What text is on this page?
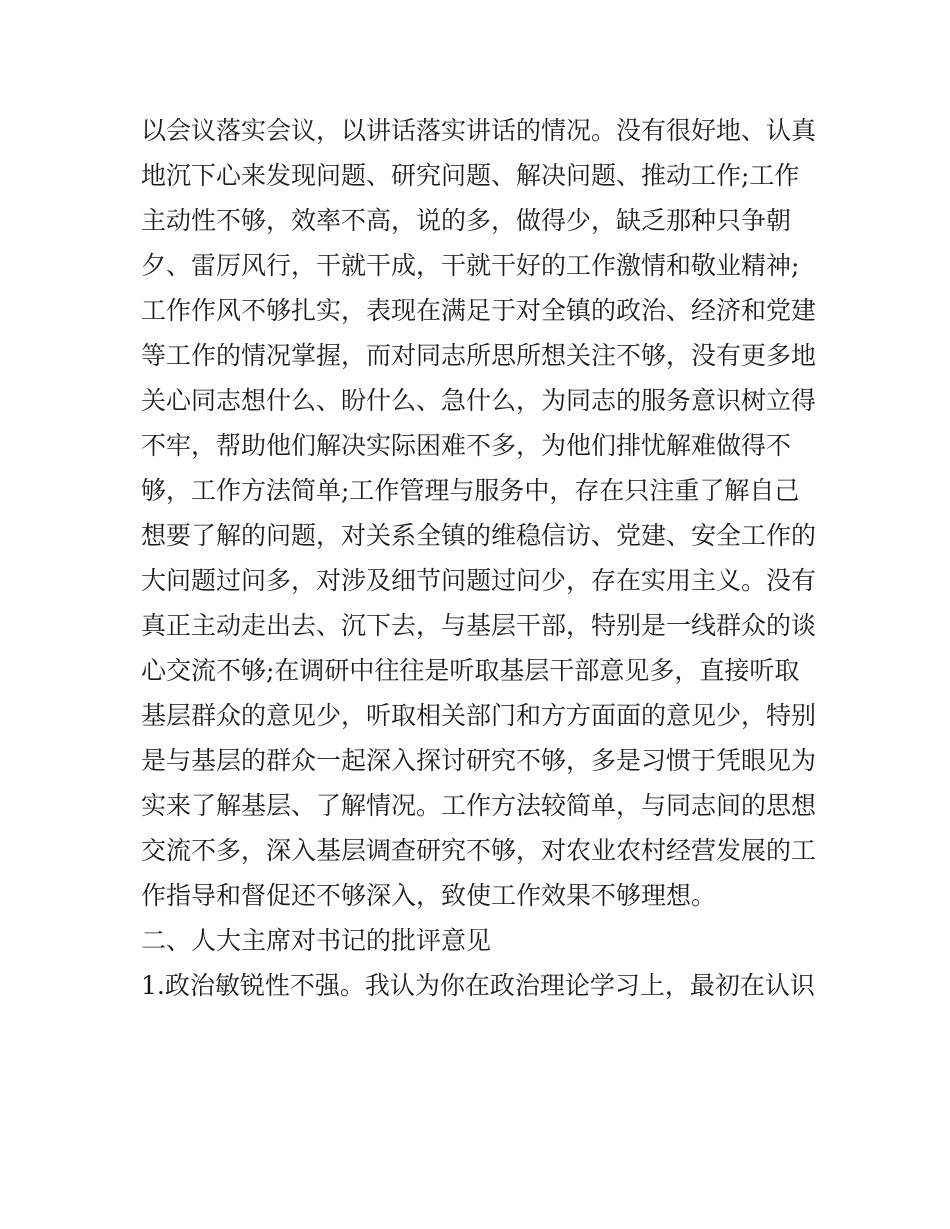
以会议落实会议，以讲话落实讲话的情况。没有很好地、认真
地沉下心来发现问题、研究问题、解决问题、推动工作;工作
主动性不够，效率不高，说的多，做得少，缺乏那种只争朝
夕、雷厉风行，干就干成，干就干好的工作激情和敬业精神;
工作作风不够扎实，表现在满足于对全镇的政治、经济和党建
等工作的情况掌握，而对同志所思所想关注不够，没有更多地
关心同志想什么、盼什么、急什么，为同志的服务意识树立得
不牢，帮助他们解决实际困难不多，为他们排忧解难做得不
够，工作方法简单;工作管理与服务中，存在只注重了解自己
想要了解的问题，对关系全镇的维稳信访、党建、安全工作的
大问题过问多，对涉及细节问题过问少，存在实用主义。没有
真正主动走出去、沉下去，与基层干部，特别是一线群众的谈
心交流不够;在调研中往往是听取基层干部意见多，直接听取
基层群众的意见少，听取相关部门和方方面面的意见少，特别
是与基层的群众一起深入探讨研究不够，多是习惯于凭眼见为
实来了解基层、了解情况。工作方法较简单，与同志间的思想
交流不多，深入基层调查研究不够，对农业农村经营发展的工
作指导和督促还不够深入，致使工作效果不够理想。
二、人大主席对书记的批评意见
1.政治敏锐性不强。我认为你在政治理论学习上，最初在认识
